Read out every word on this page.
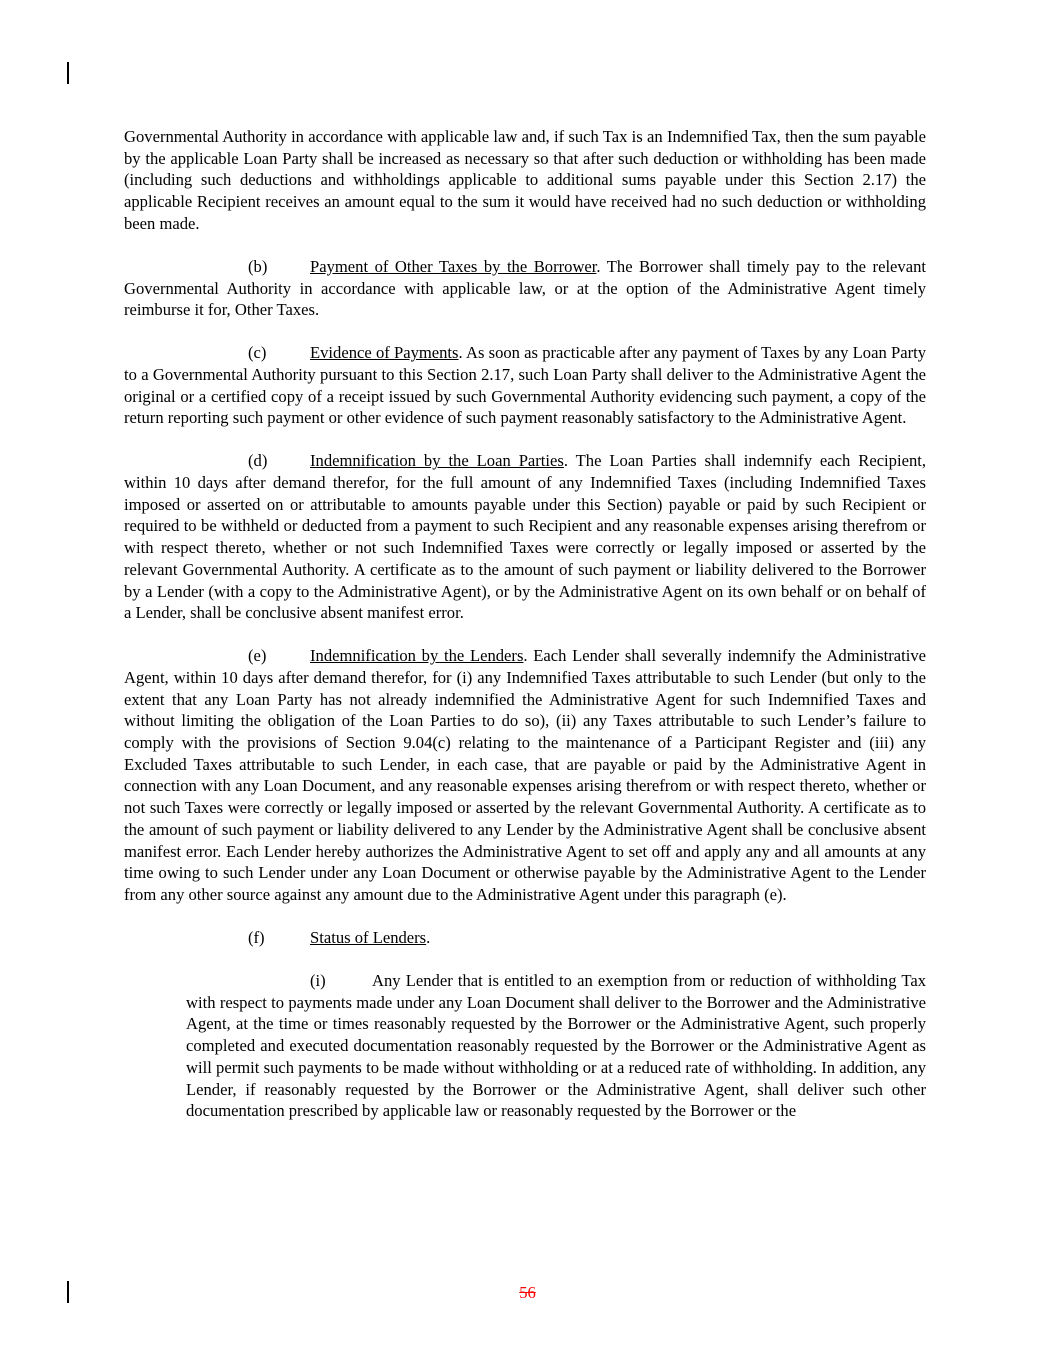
Governmental Authority in accordance with applicable law and, if such Tax is an Indemnified Tax, then the sum payable by the applicable Loan Party shall be increased as necessary so that after such deduction or withholding has been made (including such deductions and withholdings applicable to additional sums payable under this Section 2.17) the applicable Recipient receives an amount equal to the sum it would have received had no such deduction or withholding been made.

(b)	Payment of Other Taxes by the Borrower. The Borrower shall timely pay to the relevant Governmental Authority in accordance with applicable law, or at the option of the Administrative Agent timely reimburse it for, Other Taxes.

(c)	Evidence of Payments. As soon as practicable after any payment of Taxes by any Loan Party to a Governmental Authority pursuant to this Section 2.17, such Loan Party shall deliver to the Administrative Agent the original or a certified copy of a receipt issued by such Governmental Authority evidencing such payment, a copy of the return reporting such payment or other evidence of such payment reasonably satisfactory to the Administrative Agent.

(d)	Indemnification by the Loan Parties. The Loan Parties shall indemnify each Recipient, within 10 days after demand therefor, for the full amount of any Indemnified Taxes (including Indemnified Taxes imposed or asserted on or attributable to amounts payable under this Section) payable or paid by such Recipient or required to be withheld or deducted from a payment to such Recipient and any reasonable expenses arising therefrom or with respect thereto, whether or not such Indemnified Taxes were correctly or legally imposed or asserted by the relevant Governmental Authority. A certificate as to the amount of such payment or liability delivered to the Borrower by a Lender (with a copy to the Administrative Agent), or by the Administrative Agent on its own behalf or on behalf of a Lender, shall be conclusive absent manifest error.

(e)	Indemnification by the Lenders. Each Lender shall severally indemnify the Administrative Agent, within 10 days after demand therefor, for (i) any Indemnified Taxes attributable to such Lender (but only to the extent that any Loan Party has not already indemnified the Administrative Agent for such Indemnified Taxes and without limiting the obligation of the Loan Parties to do so), (ii) any Taxes attributable to such Lender’s failure to comply with the provisions of Section 9.04(c) relating to the maintenance of a Participant Register and (iii) any Excluded Taxes attributable to such Lender, in each case, that are payable or paid by the Administrative Agent in connection with any Loan Document, and any reasonable expenses arising therefrom or with respect thereto, whether or not such Taxes were correctly or legally imposed or asserted by the relevant Governmental Authority. A certificate as to the amount of such payment or liability delivered to any Lender by the Administrative Agent shall be conclusive absent manifest error. Each Lender hereby authorizes the Administrative Agent to set off and apply any and all amounts at any time owing to such Lender under any Loan Document or otherwise payable by the Administrative Agent to the Lender from any other source against any amount due to the Administrative Agent under this paragraph (e).

(f)	Status of Lenders.

(i)	Any Lender that is entitled to an exemption from or reduction of withholding Tax with respect to payments made under any Loan Document shall deliver to the Borrower and the Administrative Agent, at the time or times reasonably requested by the Borrower or the Administrative Agent, such properly completed and executed documentation reasonably requested by the Borrower or the Administrative Agent as will permit such payments to be made without withholding or at a reduced rate of withholding. In addition, any Lender, if reasonably requested by the Borrower or the Administrative Agent, shall deliver such other documentation prescribed by applicable law or reasonably requested by the Borrower or the

56
